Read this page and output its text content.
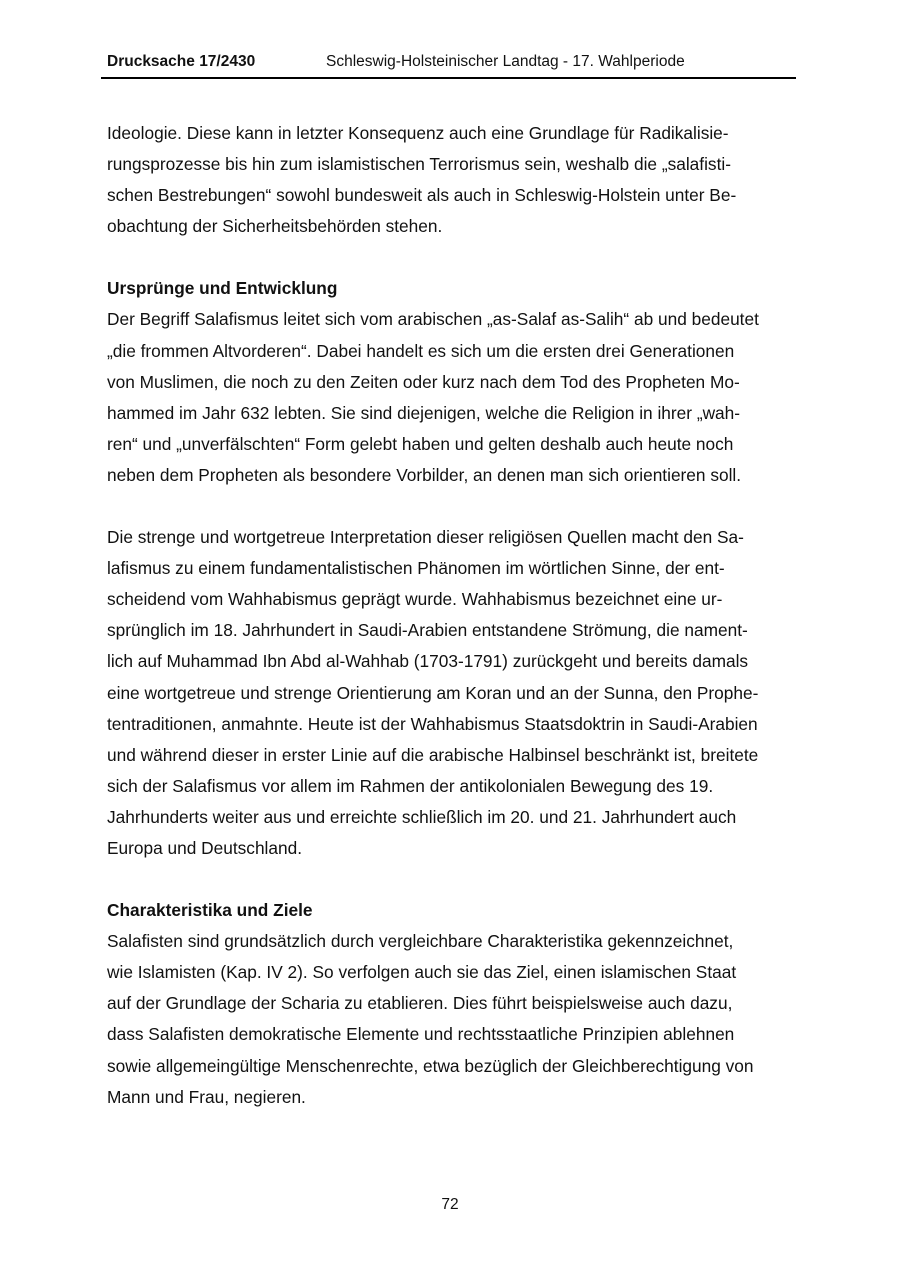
Drucksache 17/2430	Schleswig-Holsteinischer Landtag - 17. Wahlperiode

Ideologie. Diese kann in letzter Konsequenz auch eine Grundlage für Radikalisie-
rungsprozesse bis hin zum islamistischen Terrorismus sein, weshalb die „salafisti-
schen Bestrebungen“ sowohl bundesweit als auch in Schleswig-Holstein unter Be-
obachtung der Sicherheitsbehörden stehen.

Ursprünge und Entwicklung

Der Begriff Salafismus leitet sich vom arabischen „as-Salaf as-Salih“ ab und bedeutet
„die frommen Altvorderen“. Dabei handelt es sich um die ersten drei Generationen
von Muslimen, die noch zu den Zeiten oder kurz nach dem Tod des Propheten Mo-
hammed im Jahr 632 lebten. Sie sind diejenigen, welche die Religion in ihrer „wah-
ren“ und „unverfälschten“ Form gelebt haben und gelten deshalb auch heute noch
neben dem Propheten als besondere Vorbilder, an denen man sich orientieren soll.

Die strenge und wortgetreue Interpretation dieser religiösen Quellen macht den Sa-
lafismus zu einem fundamentalistischen Phänomen im wörtlichen Sinne, der ent-
scheidend vom Wahhabismus geprägt wurde. Wahhabismus bezeichnet eine ur-
sprünglich im 18. Jahrhundert in Saudi-Arabien entstandene Strömung, die nament-
lich auf Muhammad Ibn Abd al-Wahhab (1703-1791) zurückgeht und bereits damals
eine wortgetreue und strenge Orientierung am Koran und an der Sunna, den Prophe-
tentraditionen, anmahnte. Heute ist der Wahhabismus Staatsdoktrin in Saudi-Arabien
und während dieser in erster Linie auf die arabische Halbinsel beschränkt ist, breitete
sich der Salafismus vor allem im Rahmen der antikolonialen Bewegung des 19.
Jahrhunderts weiter aus und erreichte schließlich im 20. und 21. Jahrhundert auch
Europa und Deutschland.

Charakteristika und Ziele

Salafisten sind grundsätzlich durch vergleichbare Charakteristika gekennzeichnet,
wie Islamisten (Kap. IV 2). So verfolgen auch sie das Ziel, einen islamischen Staat
auf der Grundlage der Scharia zu etablieren. Dies führt beispielsweise auch dazu,
dass Salafisten demokratische Elemente und rechtsstaatliche Prinzipien ablehnen
sowie allgemeingültige Menschenrechte, etwa bezüglich der Gleichberechtigung von
Mann und Frau, negieren.

72
